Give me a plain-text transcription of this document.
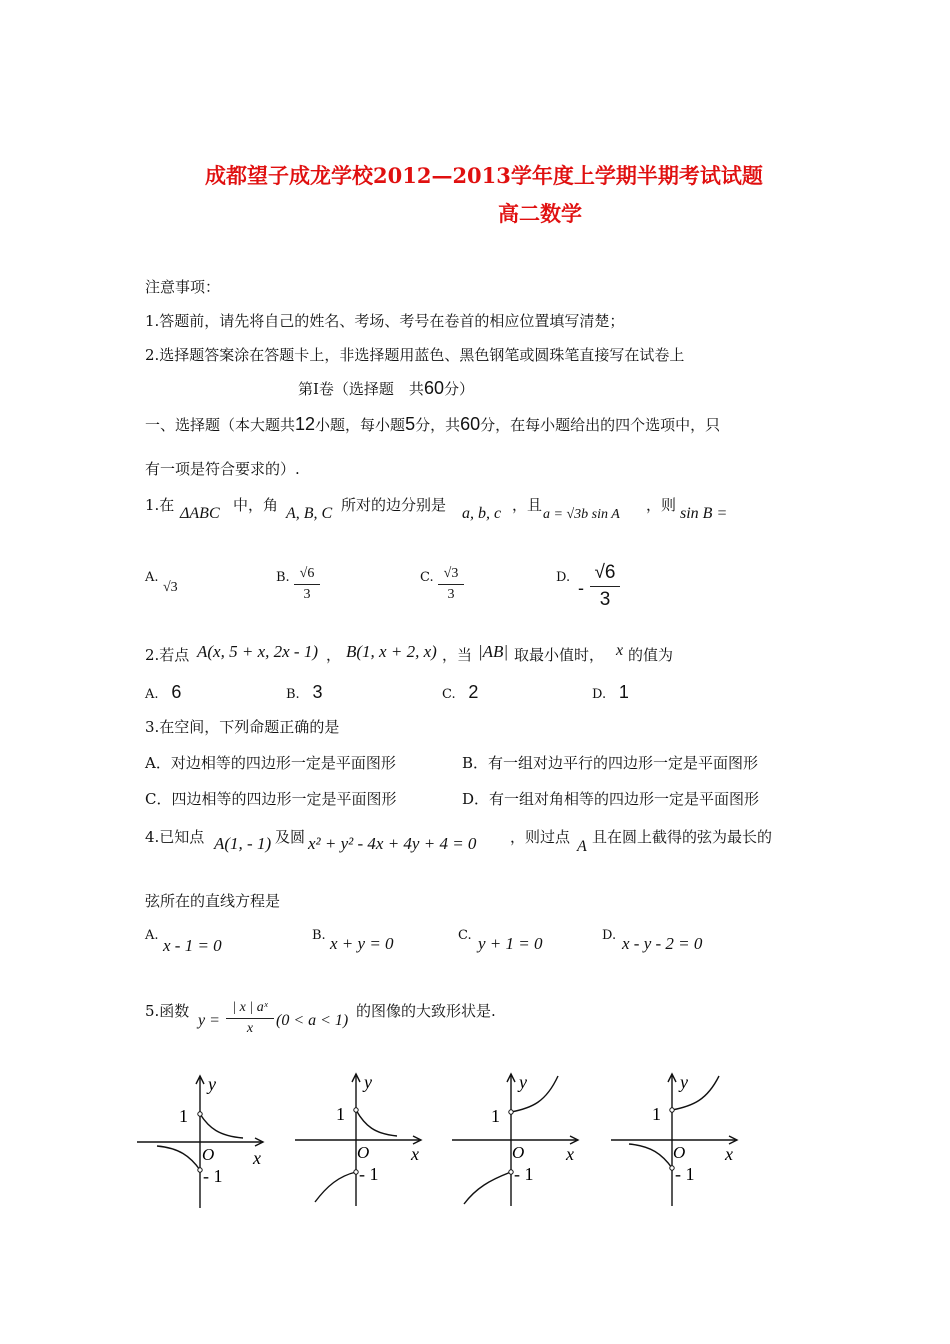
成都望子成龙学校2012—2013学年度上学期半期考试试题
高二数学
注意事项：
1.答题前，请先将自己的姓名、考场、考号在卷首的相应位置填写清楚；
2.选择题答案涂在答题卡上，非选择题用蓝色、黑色钢笔或圆珠笔直接写在试卷上
第Ⅰ卷（选择题　共60分）
一、选择题（本大题共12小题，每小题5分，共60分，在每小题给出的四个选项中，只
有一项是符合要求的）.
1.在 ΔABC 中，角 A, B, C 所对的边分别是 a, b, c ，且
a = √3b sin A
，则 sin B =
A.
√3
B. √6
3
C. √3
3
D.
-
√6
3
2.若点 A(x, 5 + x, 2x - 1) ， B(1, x + 2, x) ，当 |AB| 取最小值时， x 的值为
A. 6	B. 3	C. 2	D. 1
3.在空间，下列命题正确的是
A．对边相等的四边形一定是平面图形	B．有一组对边平行的四边形一定是平面图形
C．四边相等的四边形一定是平面图形	D．有一组对角相等的四边形一定是平面图形
4.已知点 A(1, - 1) 及圆 x² + y² - 4x + 4y + 4 = 0 ，则过点
A
且在圆上截得的弦为最长的
弦所在的直线方程是
A.
x - 1 = 0
B. x + y = 0	C. y + 1 = 0	D. x - y - 2 = 0
5.函数
y =
| x | aˣ
x	(0 < a < 1)
的图像的大致形状是.
y
1
O x
- 1
y
1
O x
- 1
y
1
O x
- 1
y
1
O x
- 1
